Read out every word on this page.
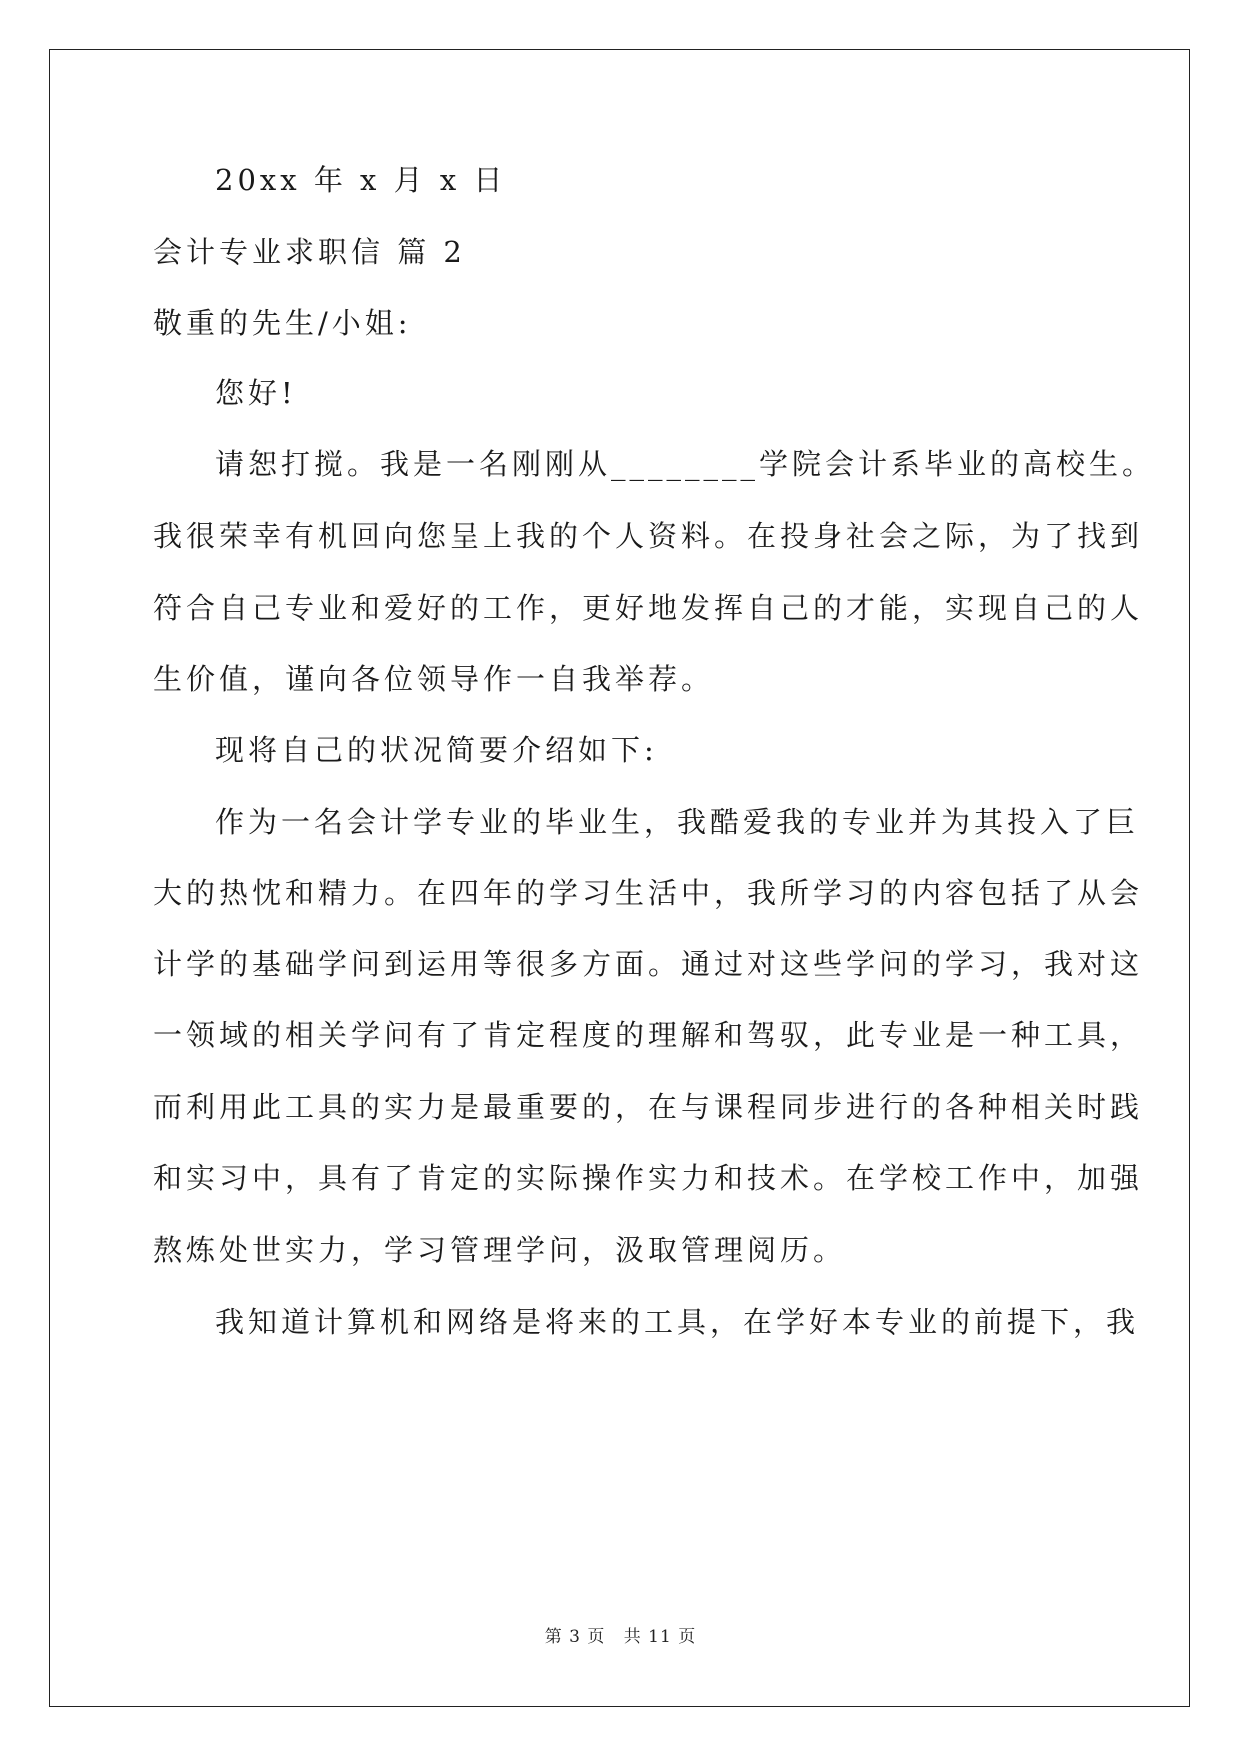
20xx 年 x 月 x 日
会计专业求职信 篇 2
敬重的先生/小姐:
您好!
请恕打搅。我是一名刚刚从________学院会计系毕业的高校生。
我很荣幸有机回向您呈上我的个人资料。在投身社会之际，为了找到
符合自己专业和爱好的工作，更好地发挥自己的才能，实现自己的人
生价值，谨向各位领导作一自我举荐。
现将自己的状况简要介绍如下:
作为一名会计学专业的毕业生，我酷爱我的专业并为其投入了巨
大的热忱和精力。在四年的学习生活中，我所学习的内容包括了从会
计学的基础学问到运用等很多方面。通过对这些学问的学习，我对这
一领域的相关学问有了肯定程度的理解和驾驭，此专业是一种工具，
而利用此工具的实力是最重要的，在与课程同步进行的各种相关时践
和实习中，具有了肯定的实际操作实力和技术。在学校工作中，加强
熬炼处世实力，学习管理学问，汲取管理阅历。
我知道计算机和网络是将来的工具，在学好本专业的前提下，我
第 3 页 共 11 页
